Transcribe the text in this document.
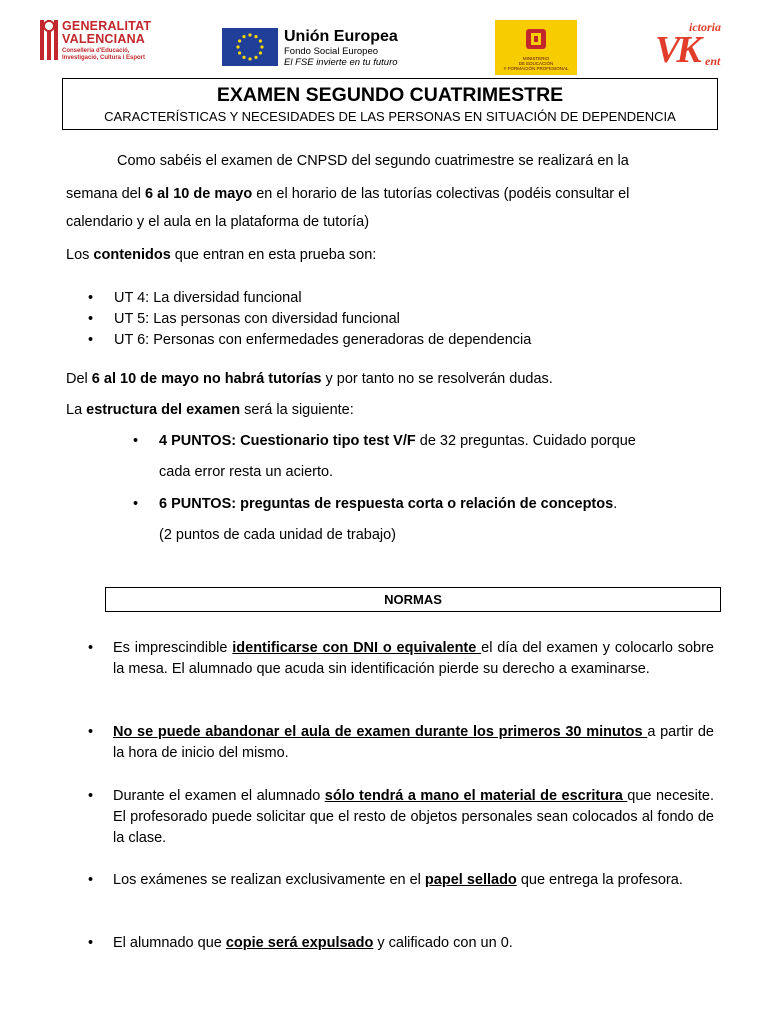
GENERALITAT
VALENCIANA
Conselleria d'Educació,
Investigació, Cultura i Esport
Unión Europea
Fondo Social Europeo
El FSE invierte en tu futuro	MINISTERIO
DE EDUCACIÓN
Y FORMACIÓN PROFESIONAL VK
ictoria
ent
EXAMEN SEGUNDO CUATRIMESTRE
CARACTERÍSTICAS Y NECESIDADES DE LAS PERSONAS EN SITUACIÓN DE DEPENDENCIA
Como sabéis el examen de CNPSD del segundo cuatrimestre se realizará en la
semana del 6 al 10 de mayo en el horario de las tutorías colectivas (podéis consultar el
calendario y el aula en la plataforma de tutoría)
Los contenidos que entran en esta prueba son:
• UT 4: La diversidad funcional
• UT 5: Las personas con diversidad funcional
• UT 6: Personas con enfermedades generadoras de dependencia
Del 6 al 10 de mayo no habrá tutorías y por tanto no se resolverán dudas.
La estructura del examen será la siguiente:
• 4 PUNTOS: Cuestionario tipo test V/F de 32 preguntas. Cuidado porque
cada error resta un acierto.
• 6 PUNTOS: preguntas de respuesta corta o relación de conceptos.
(2 puntos de cada unidad de trabajo)
NORMAS
• Es imprescindible identificarse con DNI o equivalente el día del examen y colocarlo sobre la mesa. El alumnado que acuda sin identificación pierde su derecho a examinarse.
• No se puede abandonar el aula de examen durante los primeros 30 minutos a partir de la hora de inicio del mismo.
• Durante el examen el alumnado sólo tendrá a mano el material de escritura que necesite. El profesorado puede solicitar que el resto de objetos personales sean colocados al fondo de la clase.
• Los exámenes se realizan exclusivamente en el papel sellado que entrega la profesora.
• El alumnado que copie será expulsado y calificado con un 0.
